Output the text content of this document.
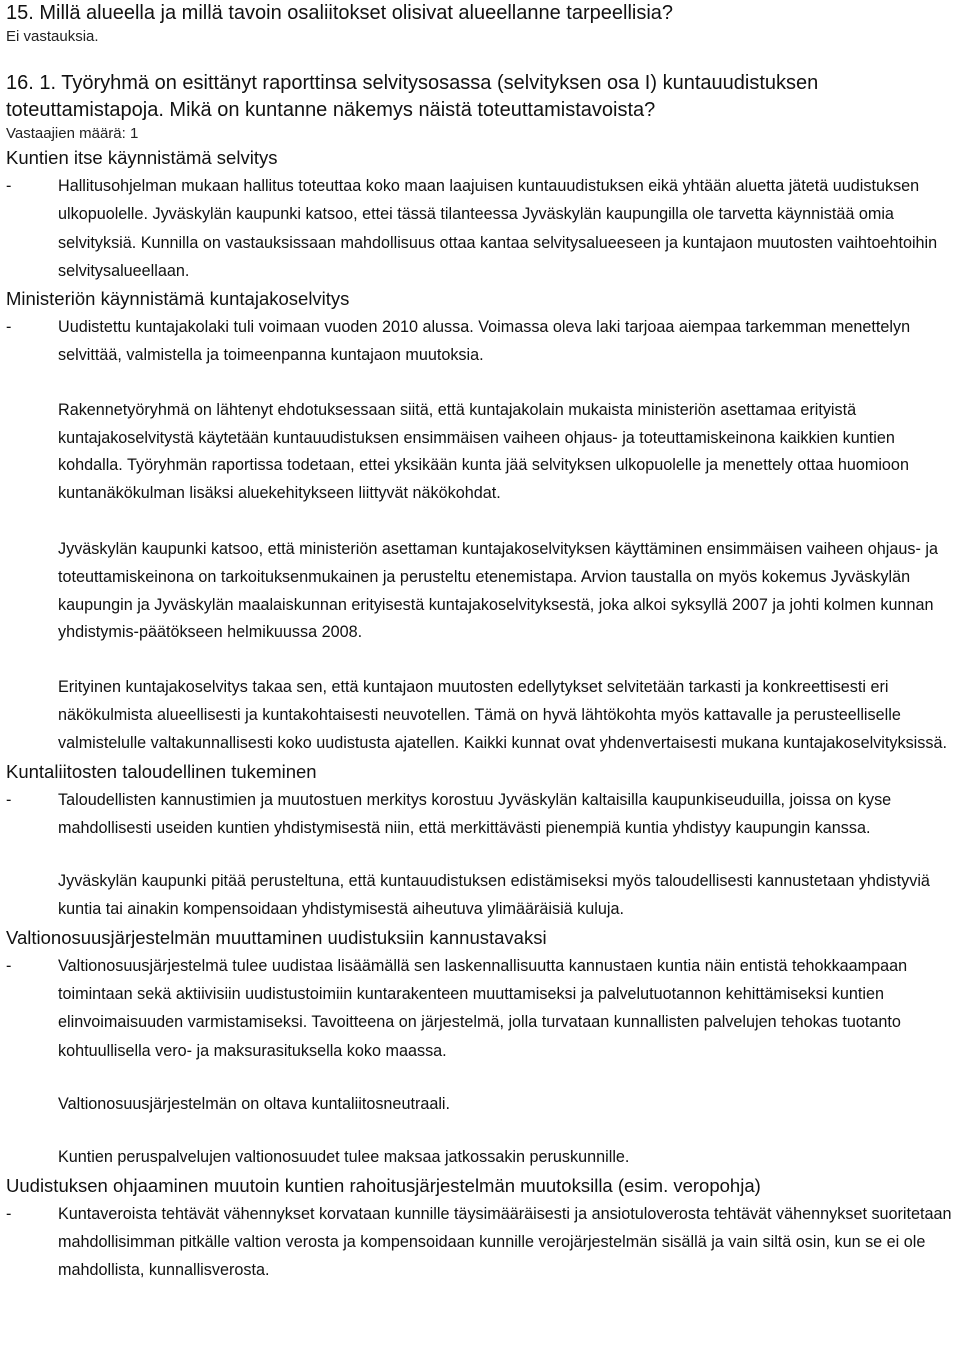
15. Millä alueella ja millä tavoin osaliitokset olisivat alueellanne tarpeellisia?
Ei vastauksia.
16. 1. Työryhmä on esittänyt raporttinsa selvitysosassa (selvityksen osa I) kuntauudistuksen toteuttamistapoja. Mikä on kuntanne näkemys näistä toteuttamistavoista?
Vastaajien määrä: 1
Kuntien itse käynnistämä selvitys
-	Hallitusohjelman mukaan hallitus toteuttaa koko maan laajuisen kuntauudistuksen eikä yhtään aluetta jätetä uudistuksen ulkopuolelle. Jyväskylän kaupunki katsoo, ettei tässä tilanteessa Jyväskylän kaupungilla ole tarvetta käynnistää omia selvityksiä. Kunnilla on vastauksissaan mahdollisuus ottaa kantaa selvitysalueeseen ja kuntajaon muutosten vaihtoehtoihin selvitysalueellaan.
Ministeriön käynnistämä kuntajakoselvitys
-	Uudistettu kuntajakolaki tuli voimaan vuoden 2010 alussa. Voimassa oleva laki tarjoaa aiempaa tarkemman menettelyn selvittää, valmistella ja toimeenpanna kuntajaon muutoksia.
Rakennetyöryhmä on lähtenyt ehdotuksessaan siitä, että kuntajakolain mukaista ministeriön asettamaa erityistä kuntajakoselvitystä käytetään kuntauudistuksen ensimmäisen vaiheen ohjaus- ja toteuttamiskeinona kaikkien kuntien kohdalla. Työryhmän raportissa todetaan, ettei yksikään kunta jää selvityksen ulkopuolelle ja menettely ottaa huomioon kuntanäkökulman lisäksi aluekehitykseen liittyvät näkökohdat.
Jyväskylän kaupunki katsoo, että ministeriön asettaman kuntajakoselvityksen käyttäminen ensimmäisen vaiheen ohjaus- ja toteuttamiskeinona on tarkoituksenmukainen ja perusteltu etenemistapa. Arvion taustalla on myös kokemus Jyväskylän kaupungin ja Jyväskylän maalaiskunnan erityisestä kuntajakoselvityksestä, joka alkoi syksyllä 2007 ja johti kolmen kunnan yhdistymis-päätökseen helmikuussa 2008.
Erityinen kuntajakoselvitys takaa sen, että kuntajaon muutosten edellytykset selvitetään tarkasti ja konkreettisesti eri näkökulmista alueellisesti ja kuntakohtaisesti neuvotellen. Tämä on hyvä lähtökohta myös kattavalle ja perusteelliselle valmistelulle valtakunnallisesti koko uudistusta ajatellen. Kaikki kunnat ovat yhdenvertaisesti mukana kuntajakoselvityksissä.
Kuntaliitosten taloudellinen tukeminen
-	Taloudellisten kannustimien ja muutostuen merkitys korostuu Jyväskylän kaltaisilla kaupunkiseuduilla, joissa on kyse mahdollisesti useiden kuntien yhdistymisestä niin, että merkittävästi pienempiä kuntia yhdistyy kaupungin kanssa.
Jyväskylän kaupunki pitää perusteltuna, että kuntauudistuksen edistämiseksi myös taloudellisesti kannustetaan yhdistyviä kuntia tai ainakin kompensoidaan yhdistymisestä aiheutuva ylimääräisiä kuluja.
Valtionosuusjärjestelmän muuttaminen uudistuksiin kannustavaksi
-	Valtionosuusjärjestelmä tulee uudistaa lisäämällä sen laskennallisuutta kannustaen kuntia näin entistä tehokkaampaan toimintaan sekä aktiivisiin uudistustoimiin kuntarakenteen muuttamiseksi ja palvelutuotannon kehittämiseksi kuntien elinvoimaisuuden varmistamiseksi. Tavoitteena on järjestelmä, jolla turvataan kunnallisten palvelujen tehokas tuotanto kohtuullisella vero- ja maksurasituksella koko maassa.
Valtionosuusjärjestelmän on oltava kuntaliitosneutraali.
Kuntien peruspalvelujen valtionosuudet tulee maksaa jatkossakin peruskunnille.
Uudistuksen ohjaaminen muutoin kuntien rahoitusjärjestelmän muutoksilla (esim. veropohja)
-	Kuntaveroista tehtävät vähennykset korvataan kunnille täysimääräisesti ja ansiotuloverosta tehtävät vähennykset suoritetaan mahdollisimman pitkälle valtion verosta ja kompensoidaan kunnille verojärjestelmän sisällä ja vain siltä osin, kun se ei ole mahdollista, kunnallisverosta.
